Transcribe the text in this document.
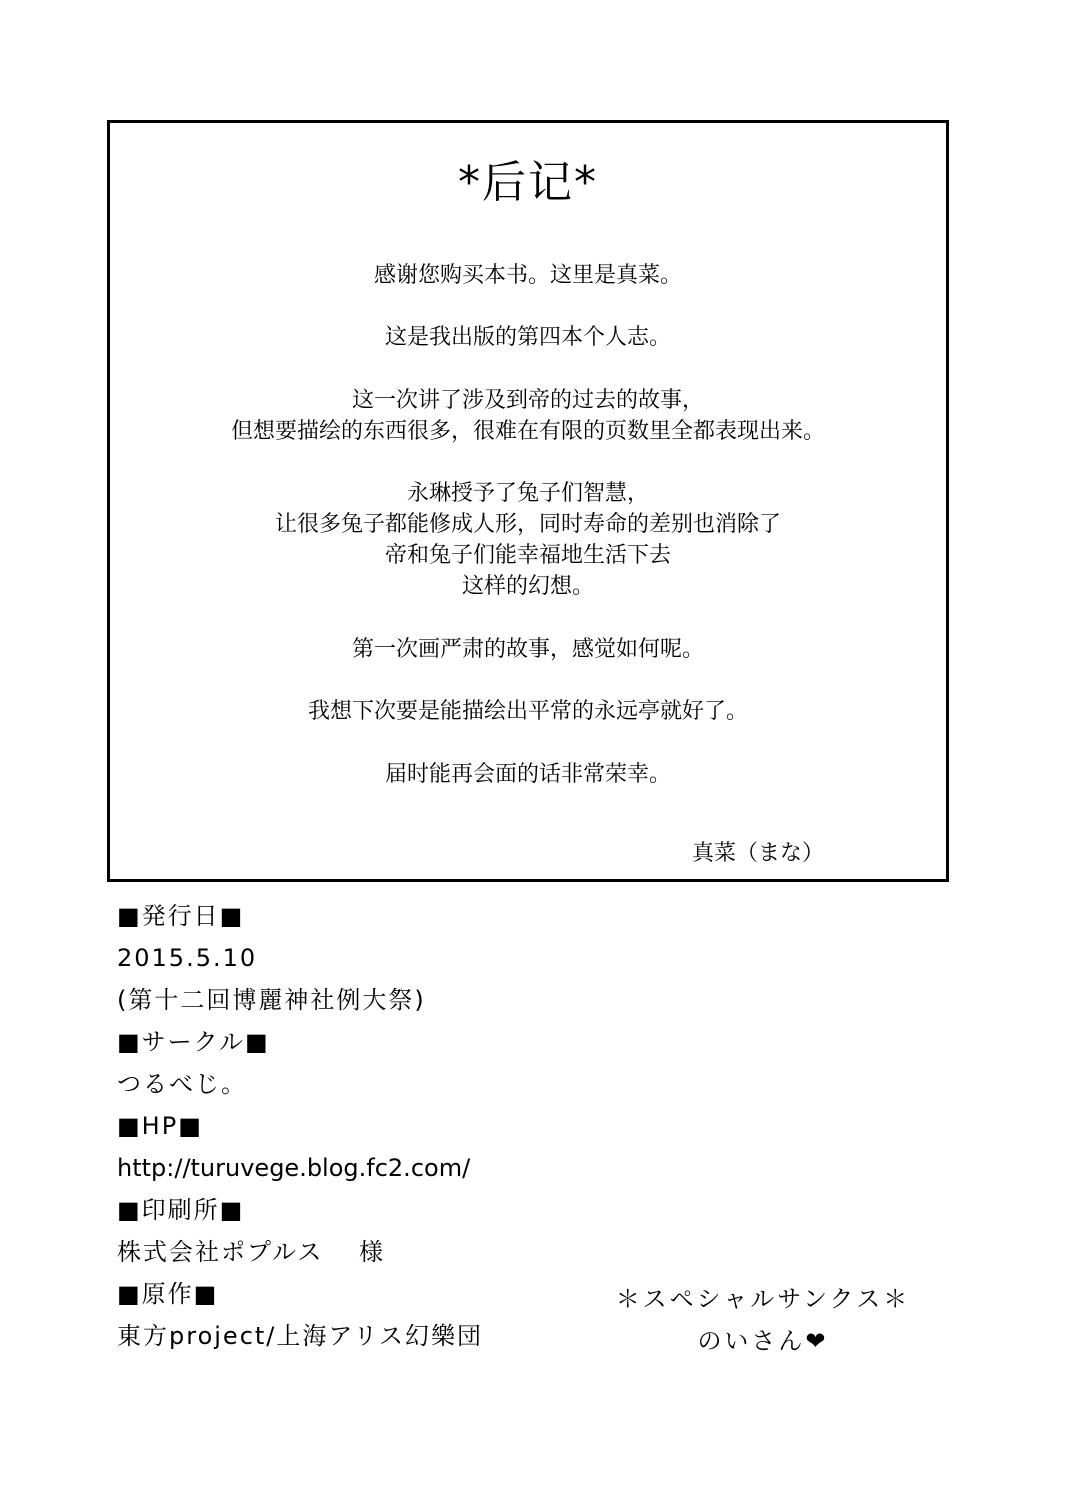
*后记*
感谢您购买本书。这里是真菜。
这是我出版的第四本个人志。
这一次讲了涉及到帝的过去的故事，
但想要描绘的东西很多，很难在有限的页数里全都表现出来。
永琳授予了兔子们智慧，
让很多兔子都能修成人形，同时寿命的差别也消除了
帝和兔子们能幸福地生活下去
这样的幻想。
第一次画严肃的故事，感觉如何呢。
我想下次要是能描绘出平常的永远亭就好了。
届时能再会面的话非常荣幸。
真菜（まな）
■発行日■
2015.5.10
(第十二回博麗神社例大祭)
■サークル■
つるべじ。
■HP■
http://turuvege.blog.fc2.com/
■印刷所■
株式会社ポプルス　 様
■原作■
東方project/上海アリス幻樂団
＊スペシャルサンクス＊
のいさん❤
